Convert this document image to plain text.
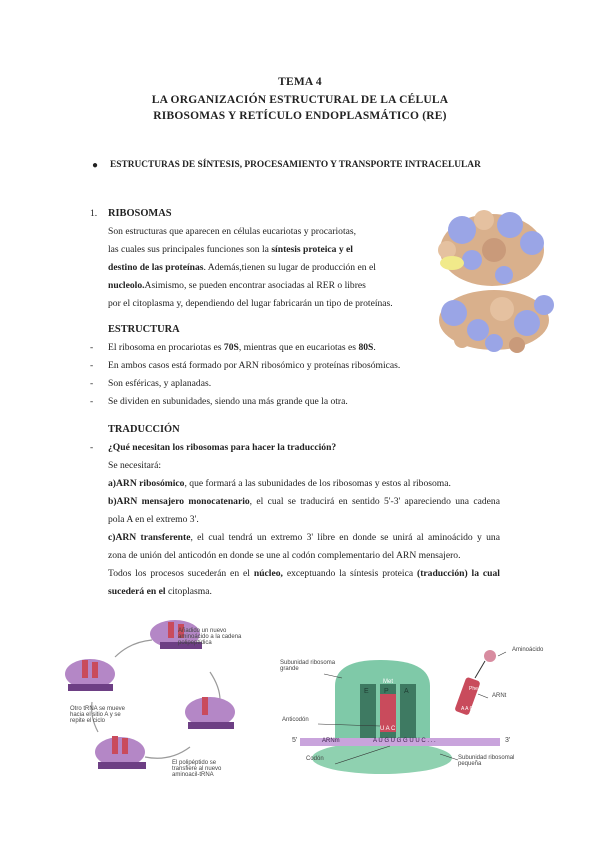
TEMA 4
LA ORGANIZACIÓN ESTRUCTURAL DE LA CÉLULA
RIBOSOMAS Y RETÍCULO ENDOPLASMÁTICO (RE)
● ESTRUCTURAS DE SÍNTESIS, PROCESAMIENTO Y TRANSPORTE INTRACELULAR
1. RIBOSOMAS
Son estructuras que aparecen en células eucariotas y procariotas,
las cuales sus principales funciones son la síntesis proteica y el
destino de las proteínas. Además,tienen su lugar de producción en el
nucleolo.Asimismo, se pueden encontrar asociadas al RER o libres
por el citoplasma y, dependiendo del lugar fabricarán un tipo de proteínas.
ESTRUCTURA
- El ribosoma en procariotas es 70S, mientras que en eucariotas es 80S.
- En ambos casos está formado por ARN ribosómico y proteínas ribosómicas.
- Son esféricas, y aplanadas.
- Se dividen en subunidades, siendo una más grande que la otra.
TRADUCCIÓN
- ¿Qué necesitan los ribosomas para hacer la traducción?
Se necesitará:
a)ARN ribosómico, que formará a las subunidades de los ribosomas y estos al ribosoma.
b)ARN mensajero monocatenario, el cual se traducirá en sentido 5'-3' apareciendo una cadena
pola A en el extremo 3'.
c)ARN transferente, el cual tendrá un extremo 3' libre en donde se unirá al aminoácido y una
zona de unión del anticodón en donde se une al codón complementario del ARN mensajero.
Todos los procesos sucederán en el núcleo, exceptuando la síntesis proteica (traducción) la cual
sucederá en el citoplasma.
Añadido un nuevo aminoácido a la cadena polipeptídica
Otro tRNA se mueve hacia el sitio A y se repite el ciclo
El polipéptido se transfiere al nuevo aminoacil-tRNA
Subunidad ribosoma grande
Aminoácido
ARNt
Anticodón
Codón	Subunidad ribosomal pequeña
E P A
Met
U A C
ARNm	A U G U G G U U C . . .
5'	3'
Phe
A A G
